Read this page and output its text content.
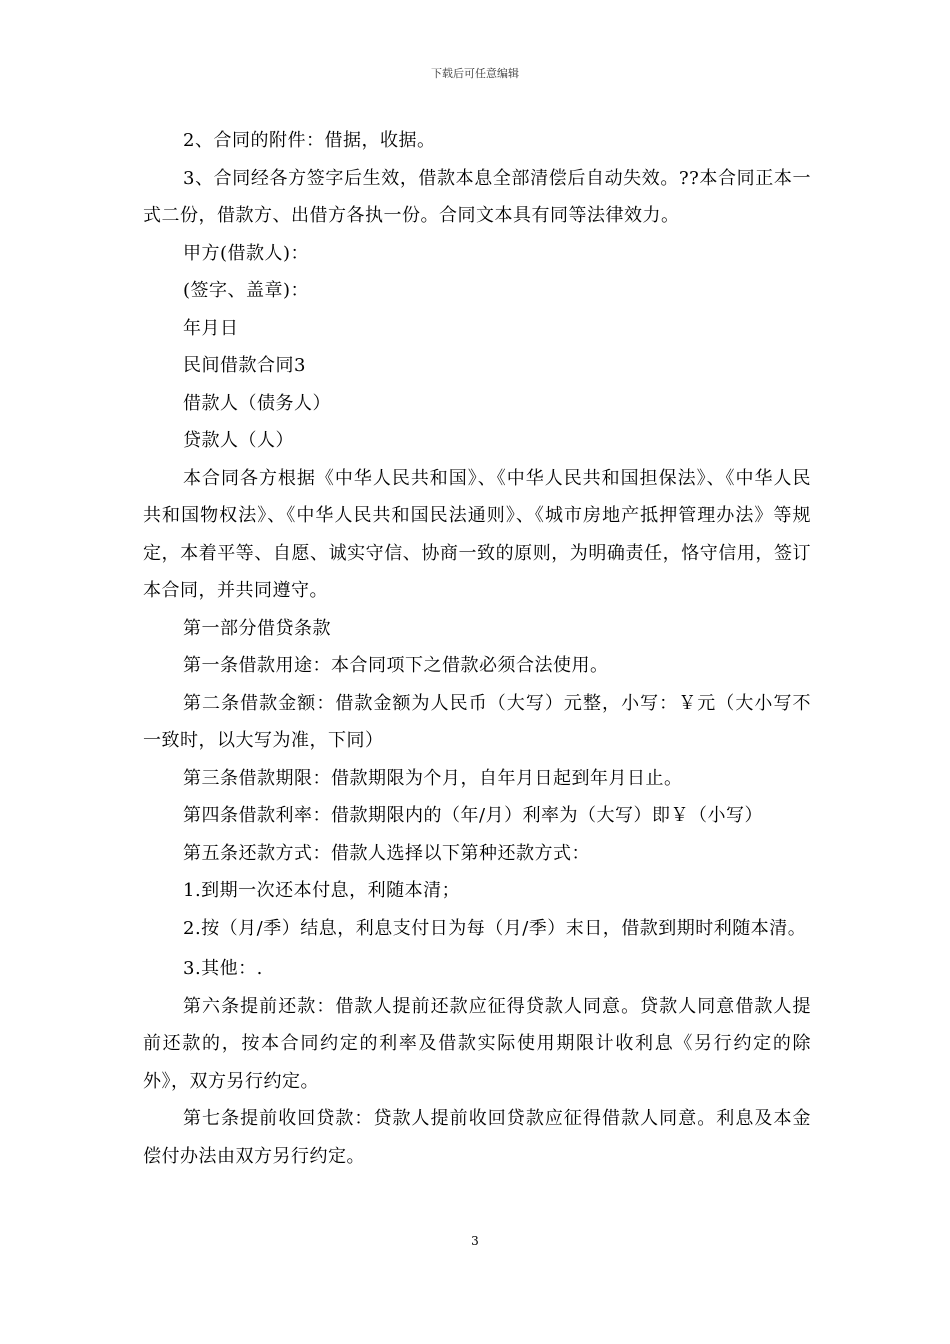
下载后可任意编辑

2、合同的附件：借据，收据。

3、合同经各方签字后生效，借款本息全部清偿后自动失效。??本合同正本一式二份，借款方、出借方各执一份。合同文本具有同等法律效力。

甲方(借款人)：

(签字、盖章)：

年月日

民间借款合同3

借款人（债务人）

贷款人（人）

本合同各方根据《中华人民共和国》、《中华人民共和国担保法》、《中华人民共和国物权法》、《中华人民共和国民法通则》、《城市房地产抵押管理办法》等规定，本着平等、自愿、诚实守信、协商一致的原则，为明确责任，恪守信用，签订本合同，并共同遵守。

第一部分借贷条款

第一条借款用途：本合同项下之借款必须合法使用。

第二条借款金额：借款金额为人民币（大写）元整，小写：￥元（大小写不一致时，以大写为准，下同）

第三条借款期限：借款期限为个月，自年月日起到年月日止。

第四条借款利率：借款期限内的（年/月）利率为（大写）即￥（小写）

第五条还款方式：借款人选择以下第种还款方式：

1.到期一次还本付息，利随本清；

2.按（月/季）结息，利息支付日为每（月/季）末日，借款到期时利随本清。

3.其他：.

第六条提前还款：借款人提前还款应征得贷款人同意。贷款人同意借款人提前还款的，按本合同约定的利率及借款实际使用期限计收利息《另行约定的除外》，双方另行约定。

第七条提前收回贷款：贷款人提前收回贷款应征得借款人同意。利息及本金偿付办法由双方另行约定。

3
